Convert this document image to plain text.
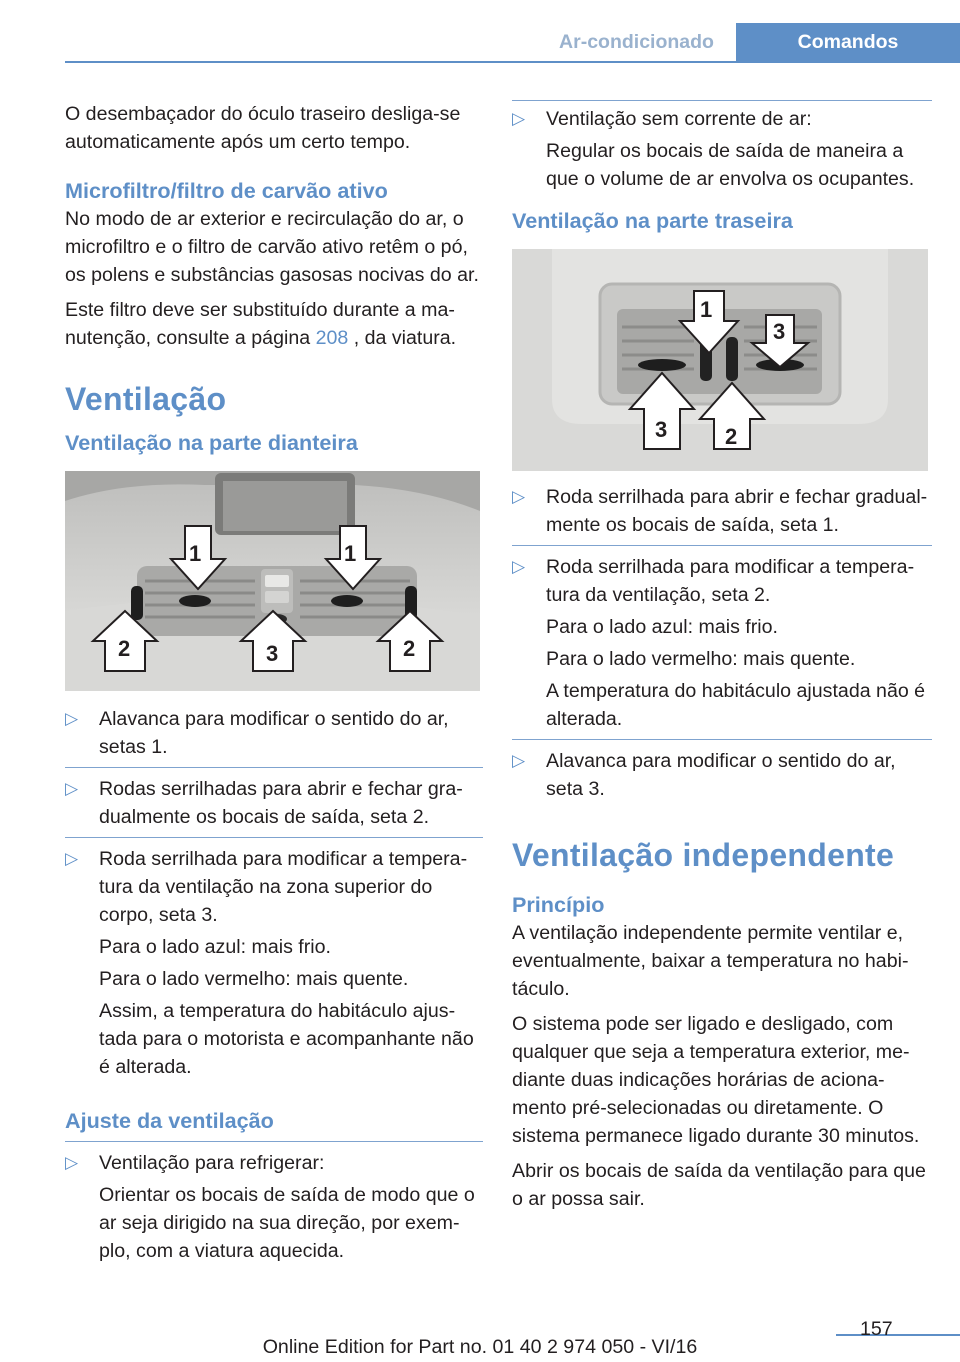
Ar-condicionado	Comandos

O desembaçador do óculo traseiro desliga-se automaticamente após um certo tempo.

Microfiltro/filtro de carvão ativo

No modo de ar exterior e recirculação do ar, o microfiltro e o filtro de carvão ativo retêm o pó, os polens e substâncias gasosas nocivas do ar.

Este filtro deve ser substituído durante a ma-nutenção, consulte a página 208 , da viatura.

Ventilação
Ventilação na parte dianteira
1	1
2	3	2
▷ Alavanca para modificar o sentido do ar, setas 1.

▷ Rodas serrilhadas para abrir e fechar gra-dualmente os bocais de saída, seta 2.

▷ Roda serrilhada para modificar a tempera-tura da ventilação na zona superior do corpo, seta 3.

Para o lado azul: mais frio.

Para o lado vermelho: mais quente.

Assim, a temperatura do habitáculo ajus-tada para o motorista e acompanhante não é alterada.

Ajuste da ventilação
▷ Ventilação para refrigerar:

Orientar os bocais de saída de modo que o ar seja dirigido na sua direção, por exem-plo, com a viatura aquecida.

▷ Ventilação sem corrente de ar:

Regular os bocais de saída de maneira a que o volume de ar envolva os ocupantes.

Ventilação na parte traseira
1
3
3	2
▷ Roda serrilhada para abrir e fechar gradual-mente os bocais de saída, seta 1.

▷ Roda serrilhada para modificar a tempera-tura da ventilação, seta 2.

Para o lado azul: mais frio.

Para o lado vermelho: mais quente.

A temperatura do habitáculo ajustada não é alterada.

▷ Alavanca para modificar o sentido do ar, seta 3.

Ventilação independente
Princípio

A ventilação independente permite ventilar e, eventualmente, baixar a temperatura no habi-táculo.

O sistema pode ser ligado e desligado, com qualquer que seja a temperatura exterior, me-diante duas indicações horárias de aciona-mento pré-selecionadas ou diretamente. O sistema permanece ligado durante 30 minutos.

Abrir os bocais de saída da ventilação para que o ar possa sair.

157
Online Edition for Part no. 01 40 2 974 050 - VI/16
